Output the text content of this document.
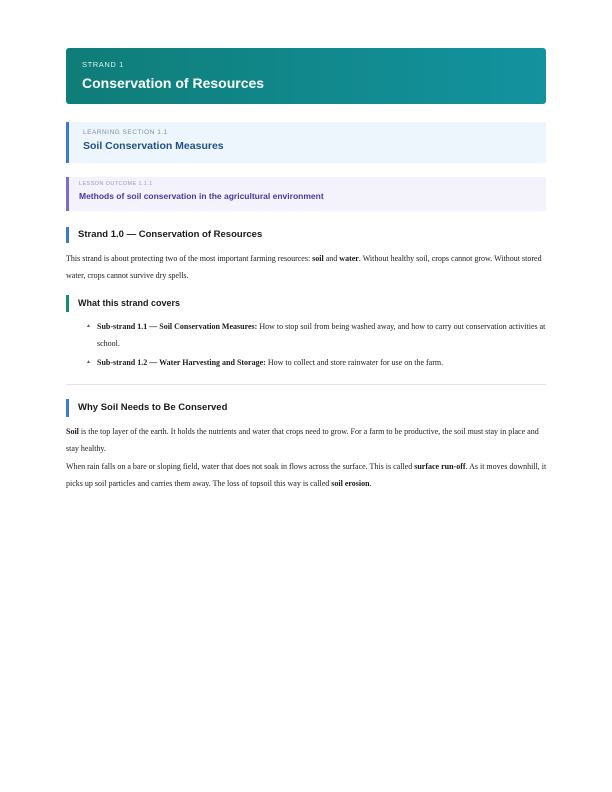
STRAND 1
Conservation of Resources
LEARNING SECTION 1.1
Soil Conservation Measures
LESSON OUTCOME 1.1.1
Methods of soil conservation in the agricultural environment
Strand 1.0 — Conservation of Resources

This strand is about protecting two of the most important farming resources: soil and water. Without healthy soil, crops cannot grow. Without stored water, crops cannot survive dry spells.

What this strand covers
▲ Sub-strand 1.1 — Soil Conservation Measures: How to stop soil from being washed away, and how to carry out conservation activities at school.
▲ Sub-strand 1.2 — Water Harvesting and Storage: How to collect and store rainwater for use on the farm.
Why Soil Needs to Be Conserved

Soil is the top layer of the earth. It holds the nutrients and water that crops need to grow. For a farm to be productive, the soil must stay in place and stay healthy.

When rain falls on a bare or sloping field, water that does not soak in flows across the surface. This is called surface run-off. As it moves downhill, it picks up soil particles and carries them away. The loss of topsoil this way is called soil erosion.
